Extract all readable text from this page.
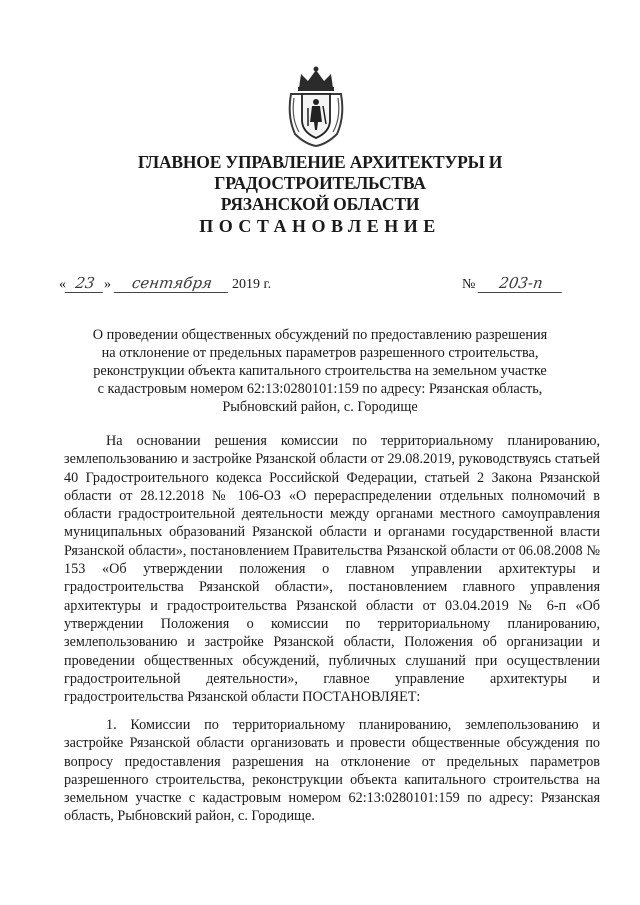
ГЛАВНОЕ УПРАВЛЕНИЕ АРХИТЕКТУРЫ И ГРАДОСТРОИТЕЛЬСТВА
РЯЗАНСКОЙ ОБЛАСТИ
ПОСТАНОВЛЕНИЕ
« 23 » сентября 2019 г.	№ 203-п
О проведении общественных обсуждений по предоставлению разрешения
на отклонение от предельных параметров разрешенного строительства,
реконструкции объекта капитального строительства на земельном участке
с кадастровым номером 62:13:0280101:159 по адресу: Рязанская область,
Рыбновский район, с. Городище
На основании решения комиссии по территориальному планированию, землепользованию и застройке Рязанской области от 29.08.2019, руководствуясь статьей 40 Градостроительного кодекса Российской Федерации, статьей 2 Закона Рязанской области от 28.12.2018 № 106-ОЗ «О перераспределении отдельных полномочий в области градостроительной деятельности между органами местного самоуправления муниципальных образований Рязанской области и органами государственной власти Рязанской области», постановлением Правительства Рязанской области от 06.08.2008 № 153 «Об утверждении положения о главном управлении архитектуры и градостроительства Рязанской области», постановлением главного управления архитектуры и градостроительства Рязанской области от 03.04.2019 № 6-п «Об утверждении Положения о комиссии по территориальному планированию, землепользованию и застройке Рязанской области, Положения об организации и проведении общественных обсуждений, публичных слушаний при осуществлении градостроительной деятельности», главное управление архитектуры и градостроительства Рязанской области ПОСТАНОВЛЯЕТ:
1. Комиссии по территориальному планированию, землепользованию и застройке Рязанской области организовать и провести общественные обсуждения по вопросу предоставления разрешения на отклонение от предельных параметров разрешенного строительства, реконструкции объекта капитального строительства на земельном участке с кадастровым номером 62:13:0280101:159 по адресу: Рязанская область, Рыбновский район, с. Городище.
